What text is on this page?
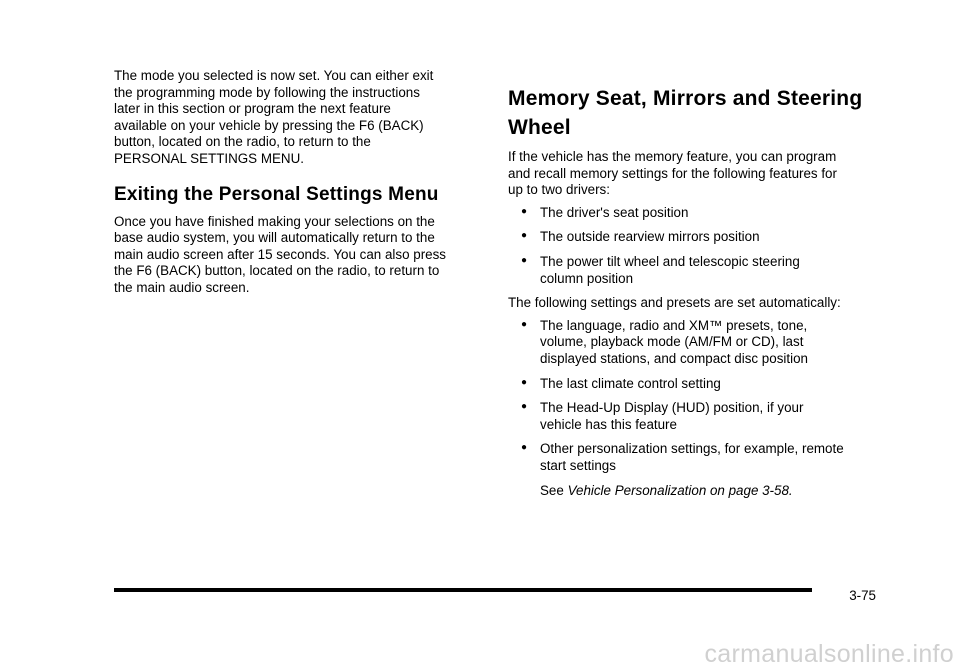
The mode you selected is now set. You can either exit
the programming mode by following the instructions
later in this section or program the next feature
available on your vehicle by pressing the F6 (BACK)
button, located on the radio, to return to the
PERSONAL SETTINGS MENU.

Exiting the Personal Settings Menu

Once you have finished making your selections on the
base audio system, you will automatically return to the
main audio screen after 15 seconds. You can also press
the F6 (BACK) button, located on the radio, to return to
the main audio screen.

Memory Seat, Mirrors and Steering
Wheel

If the vehicle has the memory feature, you can program
and recall memory settings for the following features for
up to two drivers:

● The driver's seat position
● The outside rearview mirrors position
● The power tilt wheel and telescopic steering
column position

The following settings and presets are set automatically:

● The language, radio and XM™ presets, tone,
volume, playback mode (AM/FM or CD), last
displayed stations, and compact disc position
● The last climate control setting
● The Head-Up Display (HUD) position, if your
vehicle has this feature
● Other personalization settings, for example, remote
start settings
See Vehicle Personalization on page 3-58.
3-75
carmanualsonline.info
